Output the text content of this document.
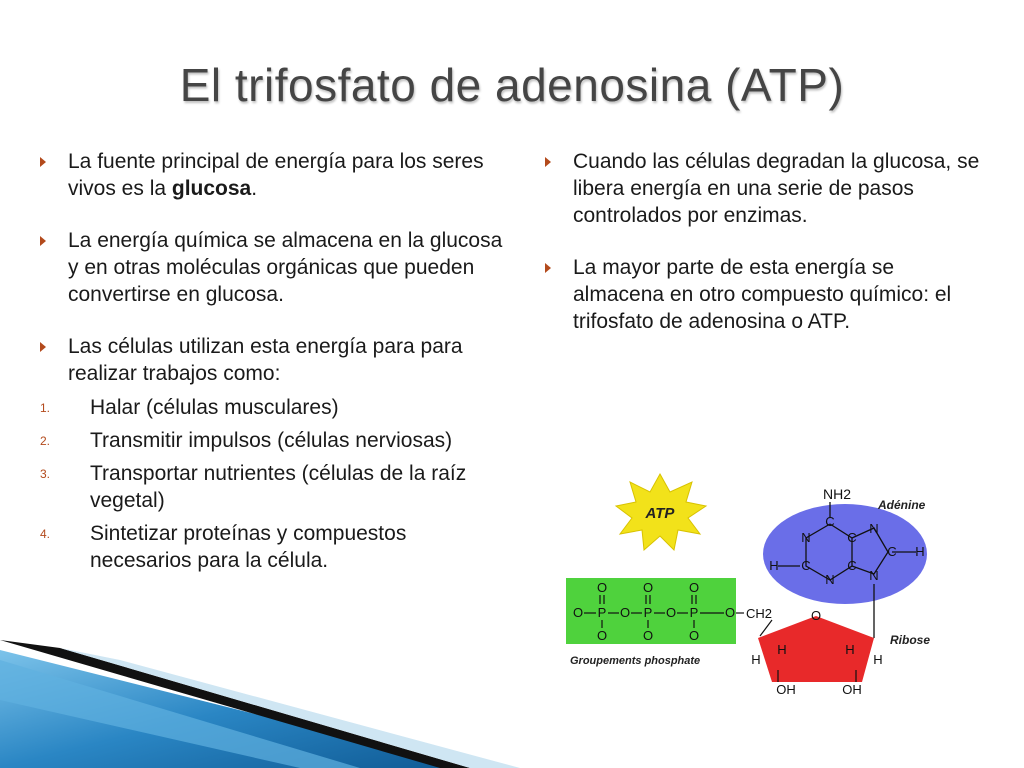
El trifosfato de adenosina (ATP)
La fuente principal de energía para los seres vivos es la glucosa.
La energía química se almacena en la glucosa y en otras moléculas orgánicas que pueden convertirse en glucosa.
Las células utilizan esta energía para para realizar trabajos como:
1. Halar (células musculares)
2. Transmitir impulsos (células nerviosas)
3. Transportar nutrientes (células de la raíz vegetal)
4. Sintetizar proteínas y compuestos necesarios para la célula.
Cuando las células degradan la glucosa, se libera energía en una serie de pasos controlados por enzimas.
La mayor parte de esta energía se almacena en otro compuesto químico: el trifosfato de adenosina o ATP.
ATP
NH2
Adénine
C
N	C
N
C	C
C
N	N
H
H
O	O	O
O P O P O P
O	O	O
O CH2
Groupements phosphate
O
Ribose
H
H	H
H
OH	OH
